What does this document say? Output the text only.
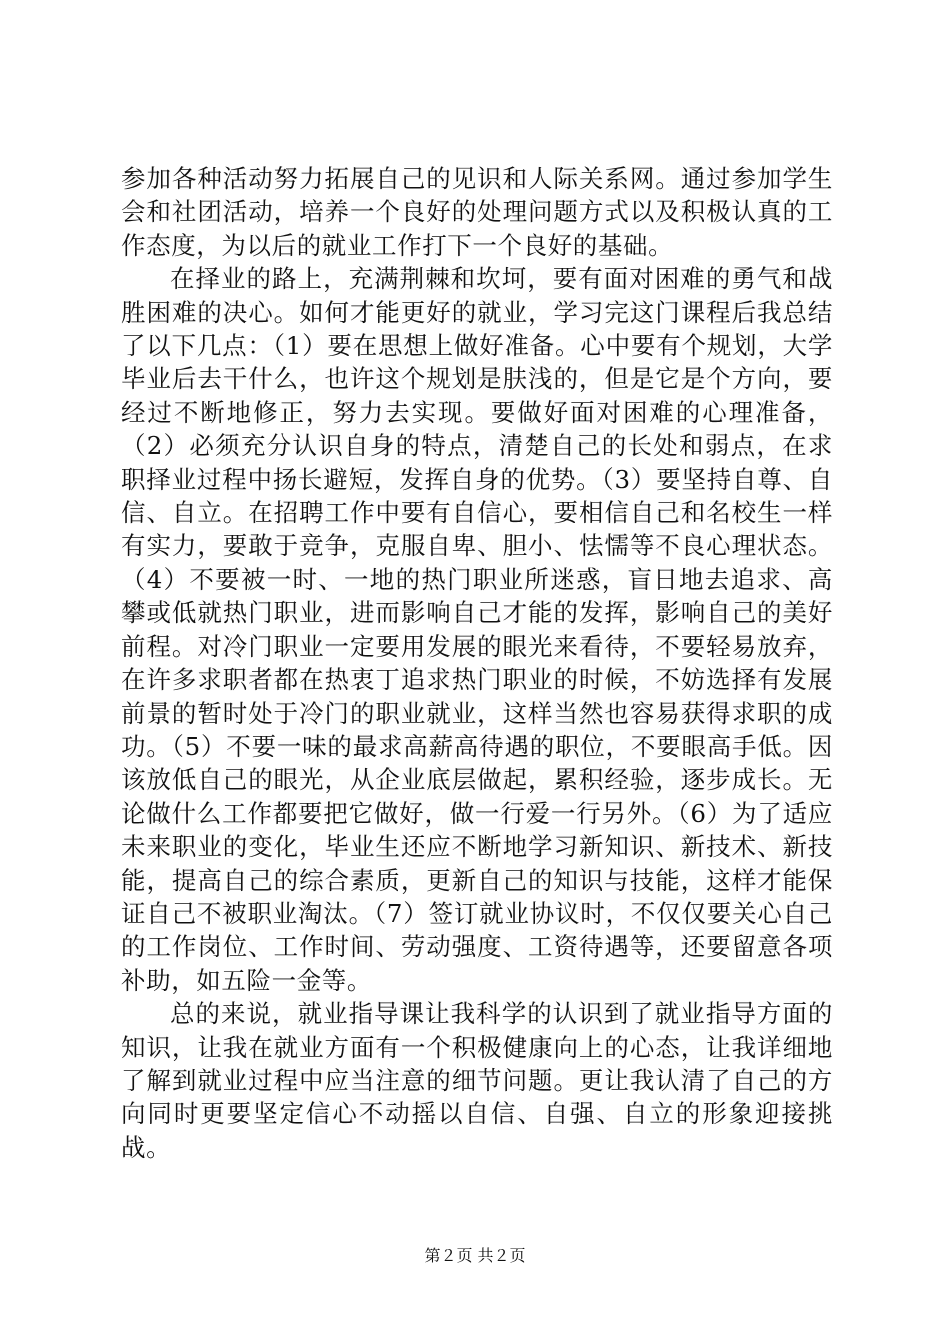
参加各种活动努力拓展自己的见识和人际关系网。通过参加学生会和社团活动，培养一个良好的处理问题方式以及积极认真的工作态度，为以后的就业工作打下一个良好的基础。

在择业的路上，充满荆棘和坎坷，要有面对困难的勇气和战胜困难的决心。如何才能更好的就业，学习完这门课程后我总结了以下几点：（1）要在思想上做好准备。心中要有个规划，大学毕业后去干什么，也许这个规划是肤浅的，但是它是个方向，要经过不断地修正，努力去实现。要做好面对困难的心理准备，（2）必须充分认识自身的特点，清楚自己的长处和弱点，在求职择业过程中扬长避短，发挥自身的优势。（3）要坚持自尊、自信、自立。在招聘工作中要有自信心，要相信自己和名校生一样有实力，要敢于竞争，克服自卑、胆小、怯懦等不良心理状态。（4）不要被一时、一地的热门职业所迷惑，盲日地去追求、高攀或低就热门职业，进而影响自己才能的发挥，影响自己的美好前程。对冷门职业一定要用发展的眼光来看待，不要轻易放弃，在许多求职者都在热衷丁追求热门职业的时候，不妨选择有发展前景的暂时处于冷门的职业就业，这样当然也容易获得求职的成功。（5）不要一味的最求高薪高待遇的职位，不要眼高手低。因该放低自己的眼光，从企业底层做起，累积经验，逐步成长。无论做什么工作都要把它做好，做一行爱一行另外。（6）为了适应未来职业的变化，毕业生还应不断地学习新知识、新技术、新技能，提高自己的综合素质，更新自己的知识与技能，这样才能保证自己不被职业淘汰。（7）签订就业协议时，不仅仅要关心自己的工作岗位、工作时间、劳动强度、工资待遇等，还要留意各项补助，如五险一金等。

总的来说，就业指导课让我科学的认识到了就业指导方面的知识，让我在就业方面有一个积极健康向上的心态，让我详细地了解到就业过程中应当注意的细节问题。更让我认清了自己的方向同时更要坚定信心不动摇以自信、自强、自立的形象迎接挑战。

第２页 共２页
